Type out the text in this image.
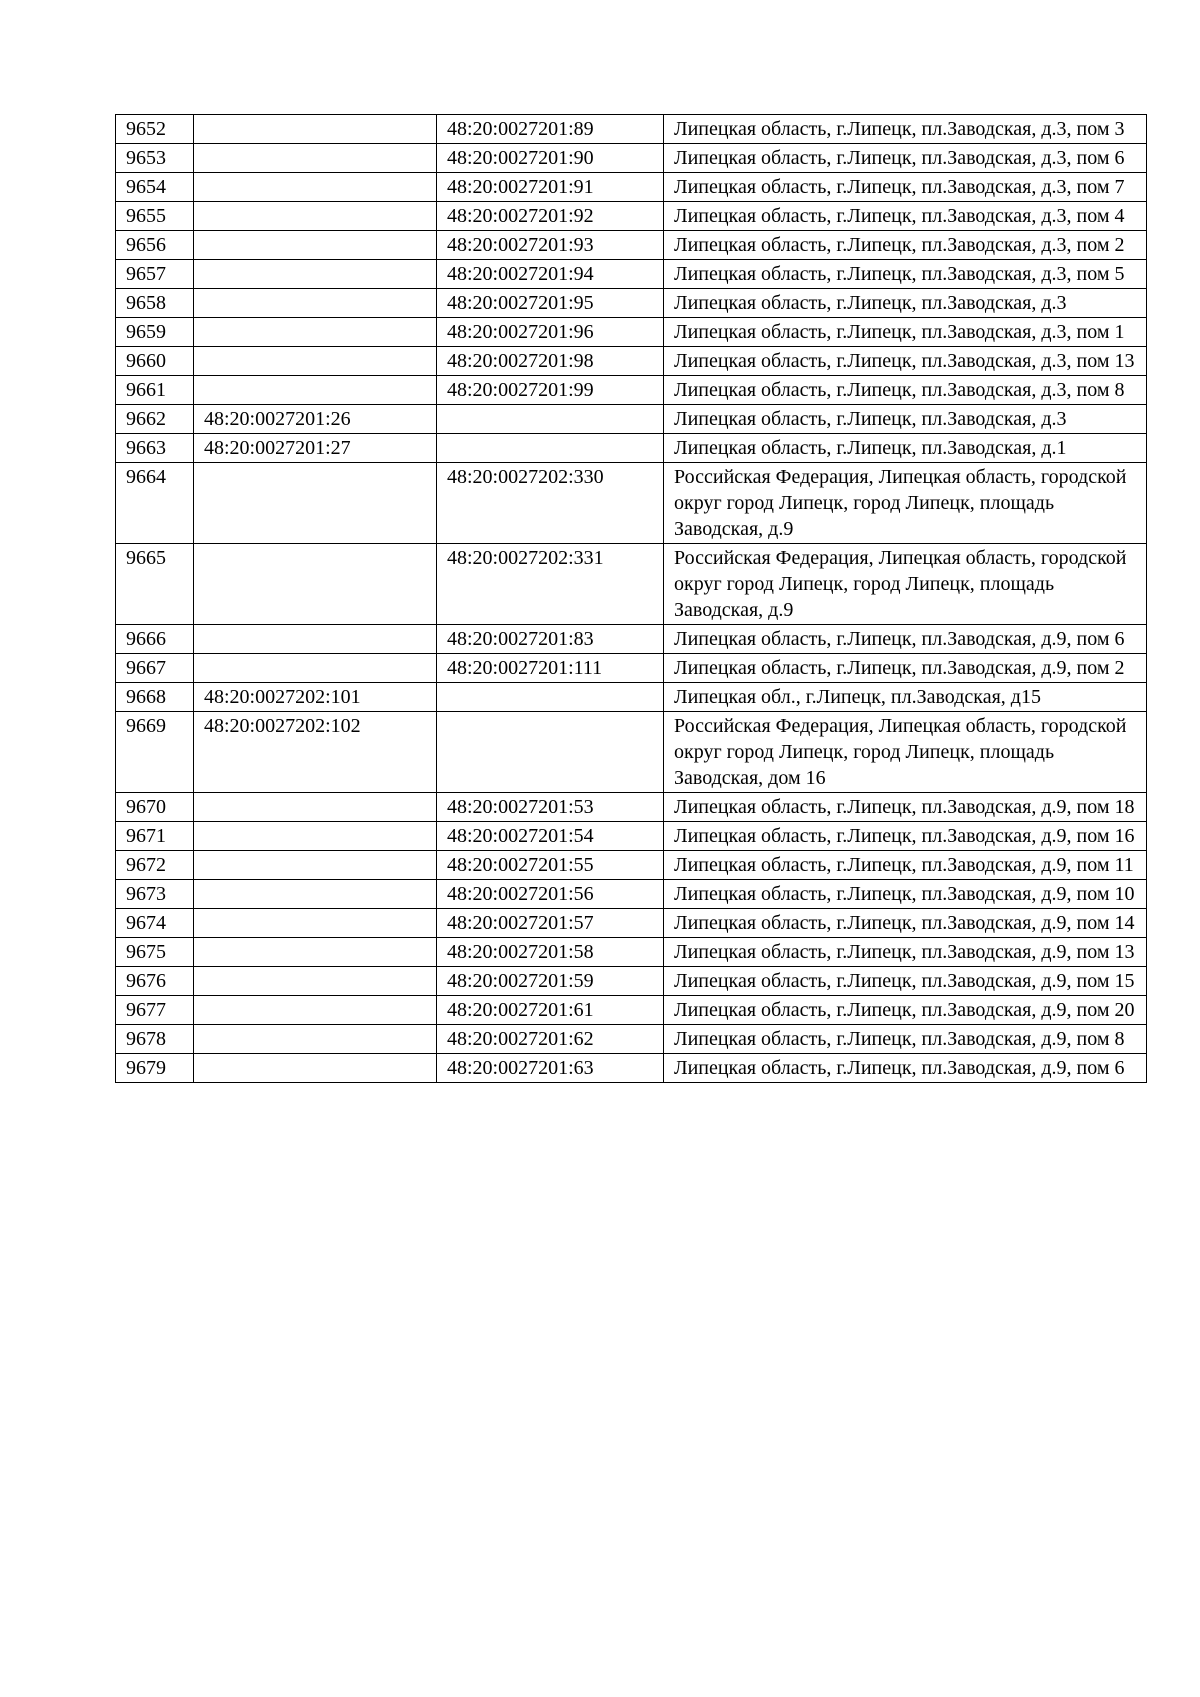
9652		48:20:0027201:89	Липецкая область, г.Липецк, пл.Заводская, д.3, пом 3
9653		48:20:0027201:90	Липецкая область, г.Липецк, пл.Заводская, д.3, пом 6
9654		48:20:0027201:91	Липецкая область, г.Липецк, пл.Заводская, д.3, пом 7
9655		48:20:0027201:92	Липецкая область, г.Липецк, пл.Заводская, д.3, пом 4
9656		48:20:0027201:93	Липецкая область, г.Липецк, пл.Заводская, д.3, пом 2
9657		48:20:0027201:94	Липецкая область, г.Липецк, пл.Заводская, д.3, пом 5
9658		48:20:0027201:95	Липецкая область, г.Липецк, пл.Заводская, д.3
9659		48:20:0027201:96	Липецкая область, г.Липецк, пл.Заводская, д.3, пом 1
9660		48:20:0027201:98	Липецкая область, г.Липецк, пл.Заводская, д.3, пом 13
9661		48:20:0027201:99	Липецкая область, г.Липецк, пл.Заводская, д.3, пом 8
9662	48:20:0027201:26		Липецкая область, г.Липецк, пл.Заводская, д.3
9663	48:20:0027201:27		Липецкая область, г.Липецк, пл.Заводская, д.1
9664		48:20:0027202:330	Российская Федерация, Липецкая область, городской округ город Липецк, город Липецк, площадь Заводская, д.9
9665		48:20:0027202:331	Российская Федерация, Липецкая область, городской округ город Липецк, город Липецк, площадь Заводская, д.9
9666		48:20:0027201:83	Липецкая область, г.Липецк, пл.Заводская, д.9, пом 6
9667		48:20:0027201:111	Липецкая область, г.Липецк, пл.Заводская, д.9, пом 2
9668	48:20:0027202:101		Липецкая обл., г.Липецк, пл.Заводская, д15
9669	48:20:0027202:102		Российская Федерация, Липецкая область, городской округ город Липецк, город Липецк, площадь Заводская, дом 16
9670		48:20:0027201:53	Липецкая область, г.Липецк, пл.Заводская, д.9, пом 18
9671		48:20:0027201:54	Липецкая область, г.Липецк, пл.Заводская, д.9, пом 16
9672		48:20:0027201:55	Липецкая область, г.Липецк, пл.Заводская, д.9, пом 11
9673		48:20:0027201:56	Липецкая область, г.Липецк, пл.Заводская, д.9, пом 10
9674		48:20:0027201:57	Липецкая область, г.Липецк, пл.Заводская, д.9, пом 14
9675		48:20:0027201:58	Липецкая область, г.Липецк, пл.Заводская, д.9, пом 13
9676		48:20:0027201:59	Липецкая область, г.Липецк, пл.Заводская, д.9, пом 15
9677		48:20:0027201:61	Липецкая область, г.Липецк, пл.Заводская, д.9, пом 20
9678		48:20:0027201:62	Липецкая область, г.Липецк, пл.Заводская, д.9, пом 8
9679		48:20:0027201:63	Липецкая область, г.Липецк, пл.Заводская, д.9, пом 6
